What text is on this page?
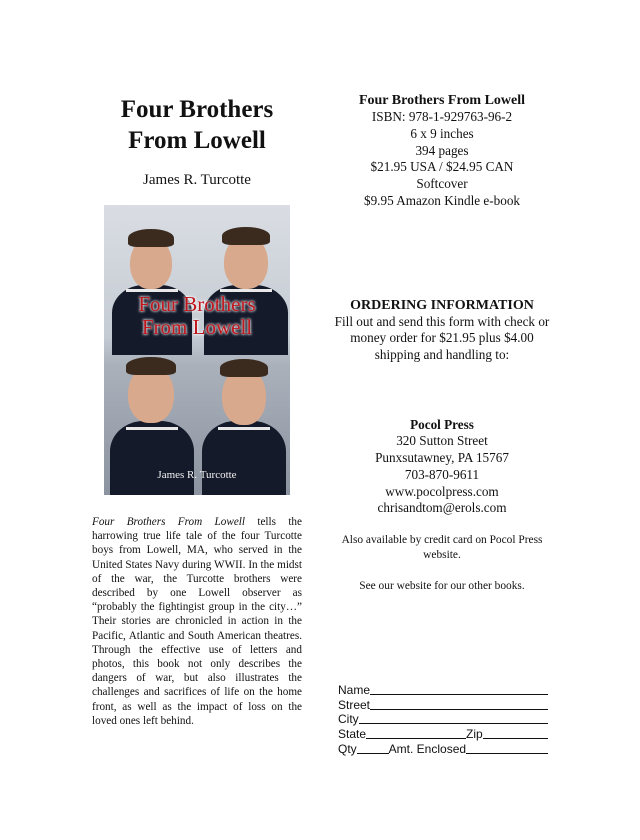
Four Brothers
From Lowell
James R. Turcotte
Four Brothers
From Lowell
James R. Turcotte
Four Brothers From Lowell tells the harrowing true life tale of the four Turcotte boys from Lowell, MA, who served in the United States Navy during WWII. In the midst of the war, the Turcotte brothers were described by one Lowell observer as “probably the fightingist group in the city…” Their stories are chronicled in action in the Pacific, Atlantic and South American theatres. Through the effective use of letters and photos, this book not only describes the dangers of war, but also illustrates the challenges and sacrifices of life on the home front, as well as the impact of loss on the loved ones left behind.
Four Brothers From Lowell
ISBN: 978-1-929763-96-2
6 x 9 inches
394 pages
$21.95 USA / $24.95 CAN
Softcover
$9.95 Amazon Kindle e-book
ORDERING INFORMATION
Fill out and send this form with check or money order for $21.95 plus $4.00 shipping and handling to:
Pocol Press
320 Sutton Street
Punxsutawney, PA 15767
703-870-9611
www.pocolpress.com
chrisandtom@erols.com
Also available by credit card on Pocol Press website.
See our website for our other books.
Name
Street
City
State	Zip
Qty	Amt. Enclosed
